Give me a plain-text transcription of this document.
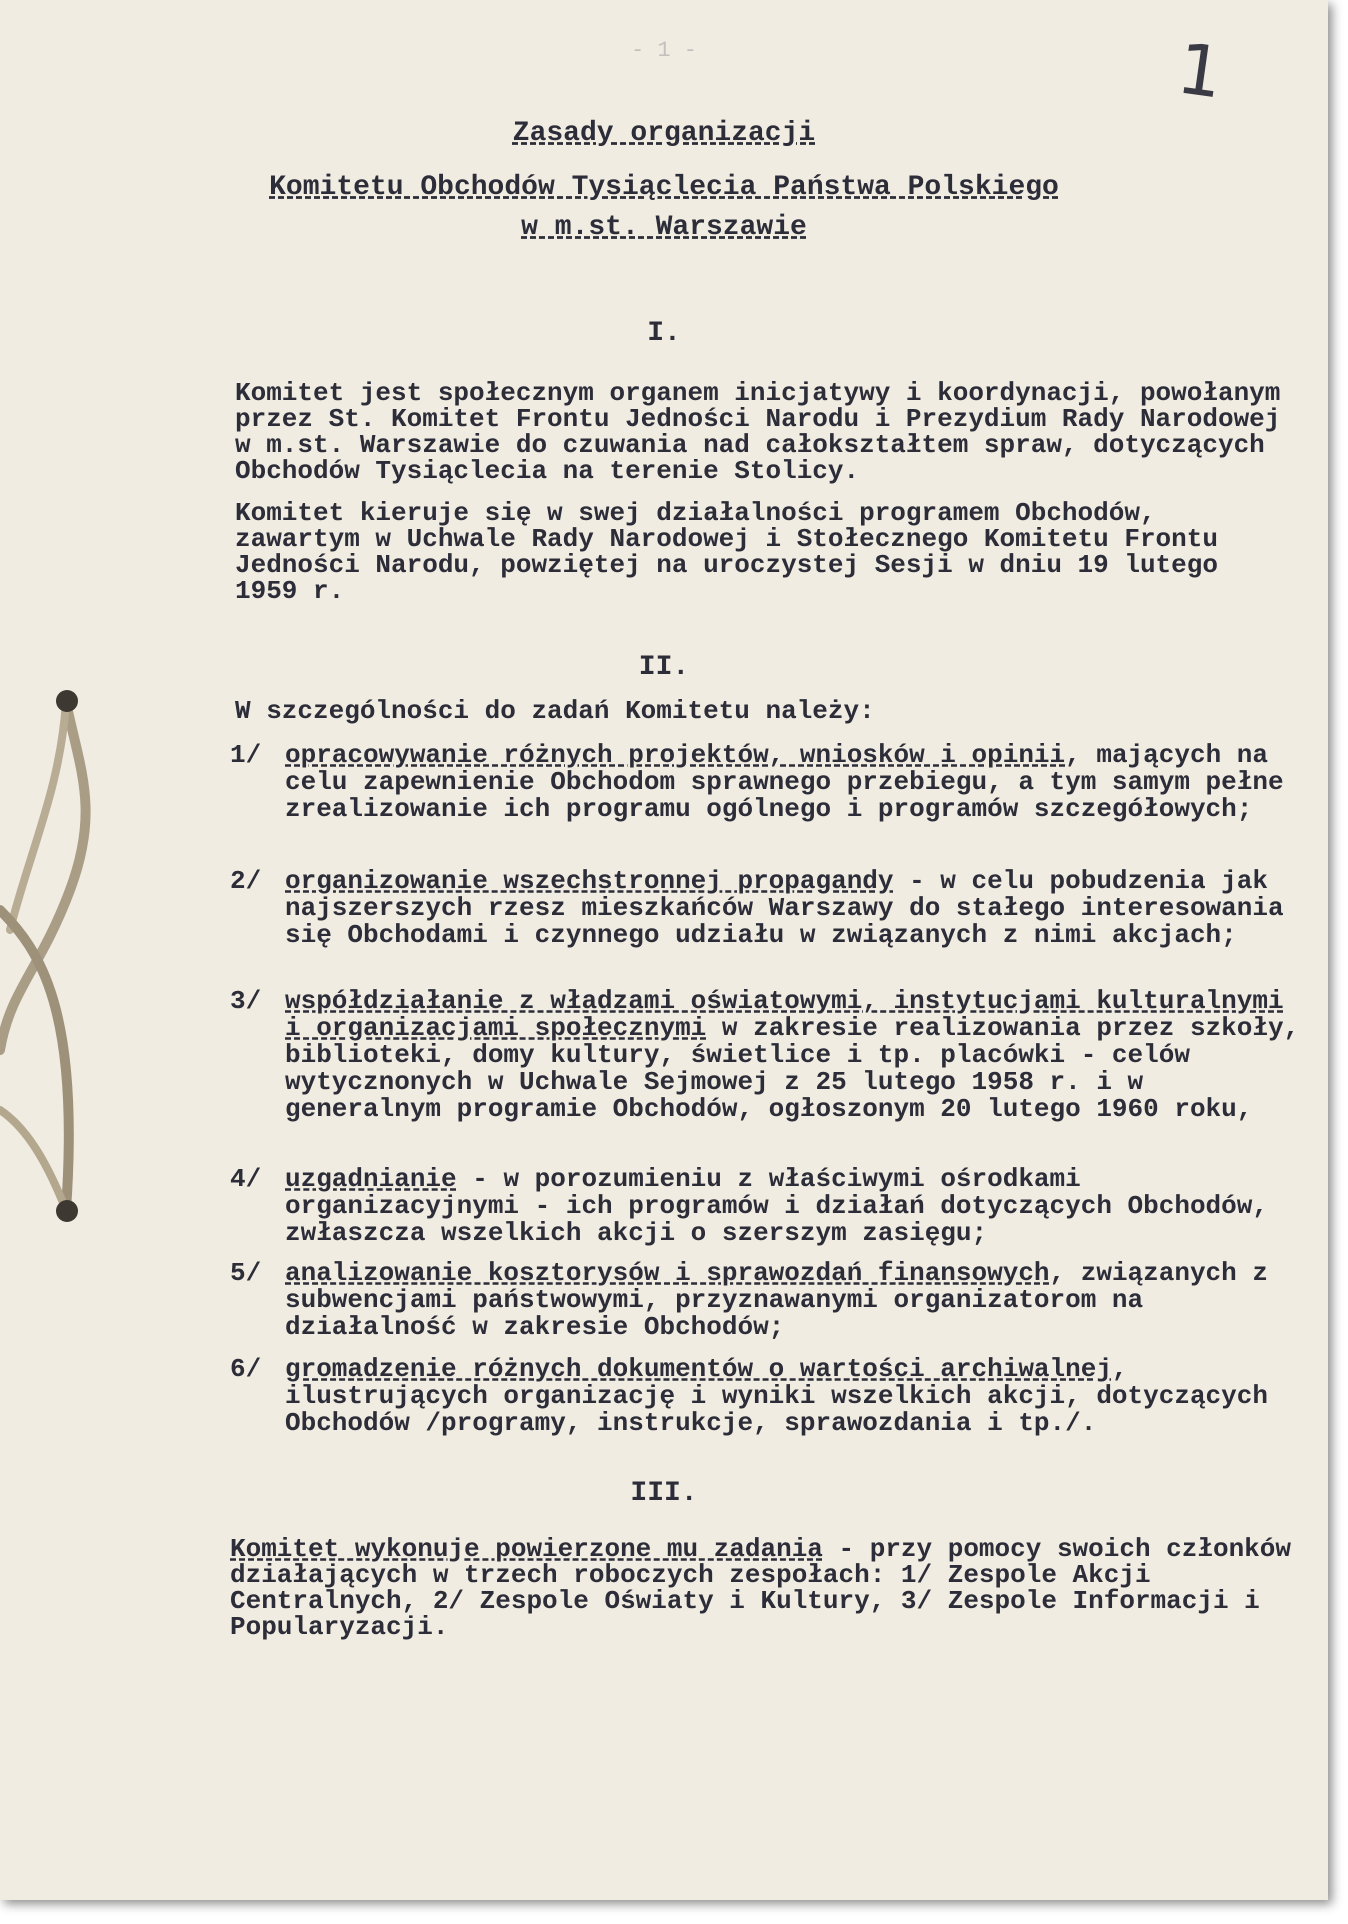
1
- 1 -
Zasady organizacji
Komitetu Obchodów Tysiąclecia Państwa Polskiego
w m.st. Warszawie
I.
Komitet jest społecznym organem inicjatywy i koordynacji, powołanym przez St. Komitet Frontu Jedności Narodu i Prezydium Rady Narodowej w m.st. Warszawie do czuwania nad całokształtem spraw, dotyczących Obchodów Tysiąclecia na terenie Stolicy.
Komitet kieruje się w swej działalności programem Obchodów, zawartym w Uchwale Rady Narodowej i Stołecznego Komitetu Frontu Jedności Narodu, powziętej na uroczystej Sesji w dniu 19 lutego 1959 r.
II.
W szczególności do zadań Komitetu należy:
1/ opracowywanie różnych projektów, wniosków i opinii, mających na celu zapewnienie Obchodom sprawnego przebiegu, a tym samym pełne zrealizowanie ich programu ogólnego i programów szczegółowych;
2/ organizowanie wszechstronnej propagandy - w celu pobudzenia jak najszerszych rzesz mieszkańców Warszawy do stałego interesowania się Obchodami i czynnego udziału w związanych z nimi akcjach;
3/ współdziałanie z władzami oświatowymi, instytucjami kulturalnymi i organizacjami społecznymi w zakresie realizowania przez szkoły, biblioteki, domy kultury, świetlice i tp. placówki - celów wytycznonych w Uchwale Sejmowej z 25 lutego 1958 r. i w generalnym programie Obchodów, ogłoszonym 20 lutego 1960 roku,
4/ uzgadnianie - w porozumieniu z właściwymi ośrodkami organizacyjnymi - ich programów i działań dotyczących Obchodów, zwłaszcza wszelkich akcji o szerszym zasięgu;
5/ analizowanie kosztorysów i sprawozdań finansowych, związanych z subwencjami państwowymi, przyznawanymi organizatorom na działalność w zakresie Obchodów;
6/ gromadzenie różnych dokumentów o wartości archiwalnej, ilustrujących organizację i wyniki wszelkich akcji, dotyczących Obchodów /programy, instrukcje, sprawozdania i tp./.
III.
Komitet wykonuje powierzone mu zadania - przy pomocy swoich członków działających w trzech roboczych zespołach: 1/ Zespole Akcji Centralnych, 2/ Zespole Oświaty i Kultury, 3/ Zespole Informacji i Popularyzacji.
